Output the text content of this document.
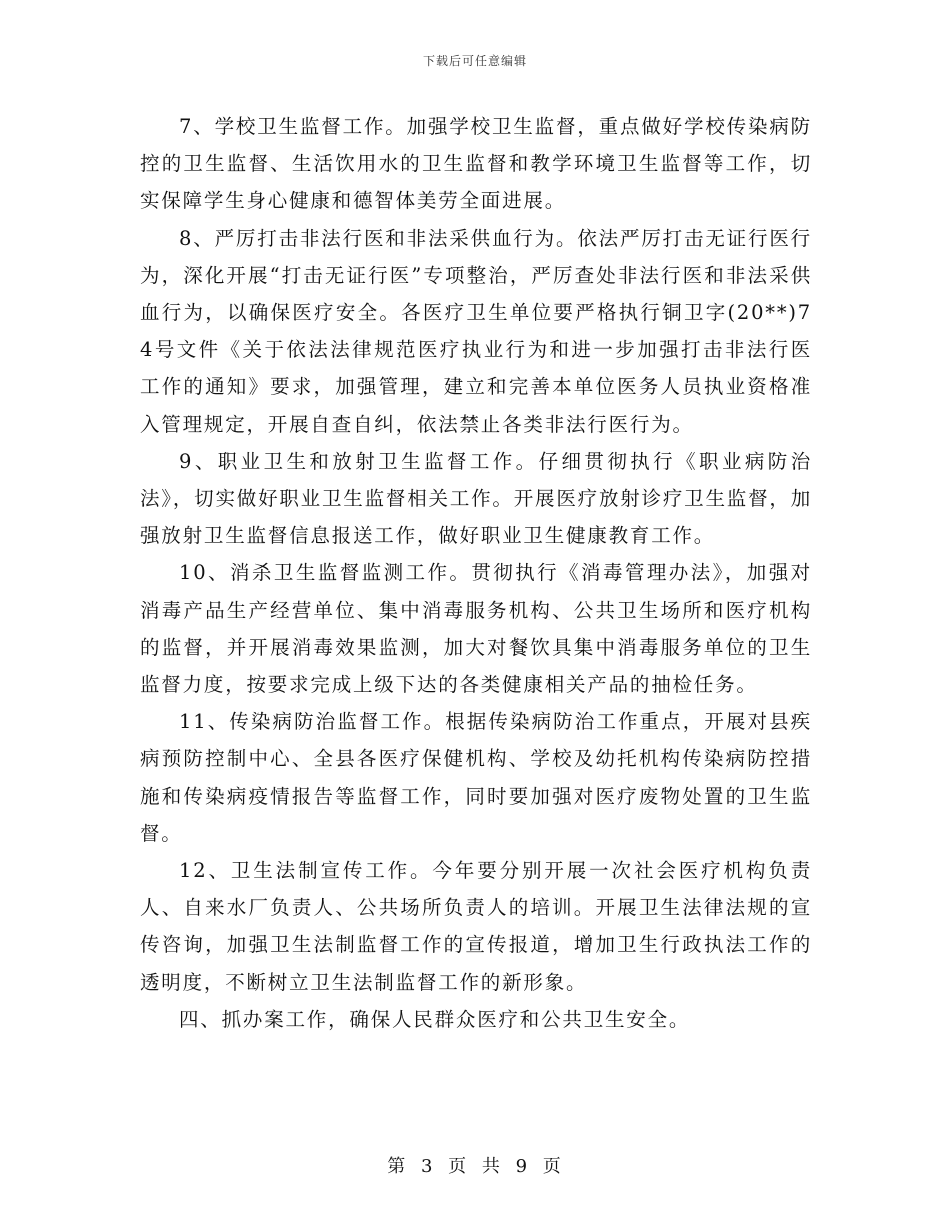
下载后可任意编辑

7、学校卫生监督工作。加强学校卫生监督，重点做好学校传染病防控的卫生监督、生活饮用水的卫生监督和教学环境卫生监督等工作，切实保障学生身心健康和德智体美劳全面进展。

8、严厉打击非法行医和非法采供血行为。依法严厉打击无证行医行为，深化开展“打击无证行医”专项整治，严厉查处非法行医和非法采供血行为，以确保医疗安全。各医疗卫生单位要严格执行铜卫字(20**)74号文件《关于依法法律规范医疗执业行为和进一步加强打击非法行医工作的通知》要求，加强管理，建立和完善本单位医务人员执业资格准入管理规定，开展自查自纠，依法禁止各类非法行医行为。

9、职业卫生和放射卫生监督工作。仔细贯彻执行《职业病防治法》，切实做好职业卫生监督相关工作。开展医疗放射诊疗卫生监督，加强放射卫生监督信息报送工作，做好职业卫生健康教育工作。

10、消杀卫生监督监测工作。贯彻执行《消毒管理办法》，加强对消毒产品生产经营单位、集中消毒服务机构、公共卫生场所和医疗机构的监督，并开展消毒效果监测，加大对餐饮具集中消毒服务单位的卫生监督力度，按要求完成上级下达的各类健康相关产品的抽检任务。

11、传染病防治监督工作。根据传染病防治工作重点，开展对县疾病预防控制中心、全县各医疗保健机构、学校及幼托机构传染病防控措施和传染病疫情报告等监督工作，同时要加强对医疗废物处置的卫生监督。

12、卫生法制宣传工作。今年要分别开展一次社会医疗机构负责人、自来水厂负责人、公共场所负责人的培训。开展卫生法律法规的宣传咨询，加强卫生法制监督工作的宣传报道，增加卫生行政执法工作的透明度，不断树立卫生法制监督工作的新形象。

四、抓办案工作，确保人民群众医疗和公共卫生安全。

第 3 页 共 9 页
